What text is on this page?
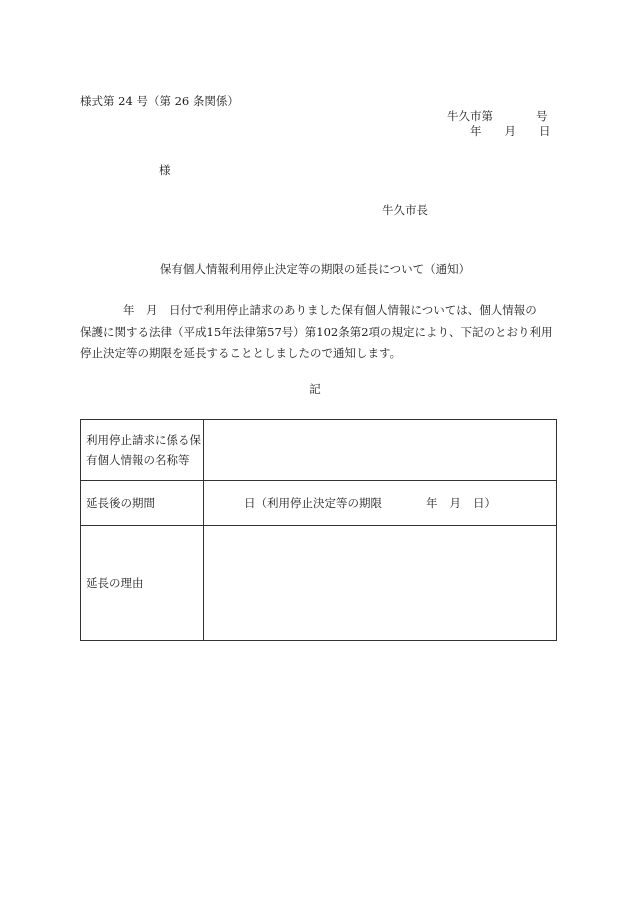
様式第 24 号（第 26 条関係）
牛久市第	号
年 月 日
様
牛久市長
保有個人情報利用停止決定等の期限の延長について（通知）
年　月　日付で利用停止請求のありました保有個人情報については、個人情報の
保護に関する法律（平成15年法律第57号）第102条第2項の規定により、下記のとおり利用
停止決定等の期限を延長することとしましたので通知します。
記
利用停止請求に係る保有個人情報の名称等	
延長後の期間	日（利用停止決定等の期限 年 月 日）

延長の理由	
